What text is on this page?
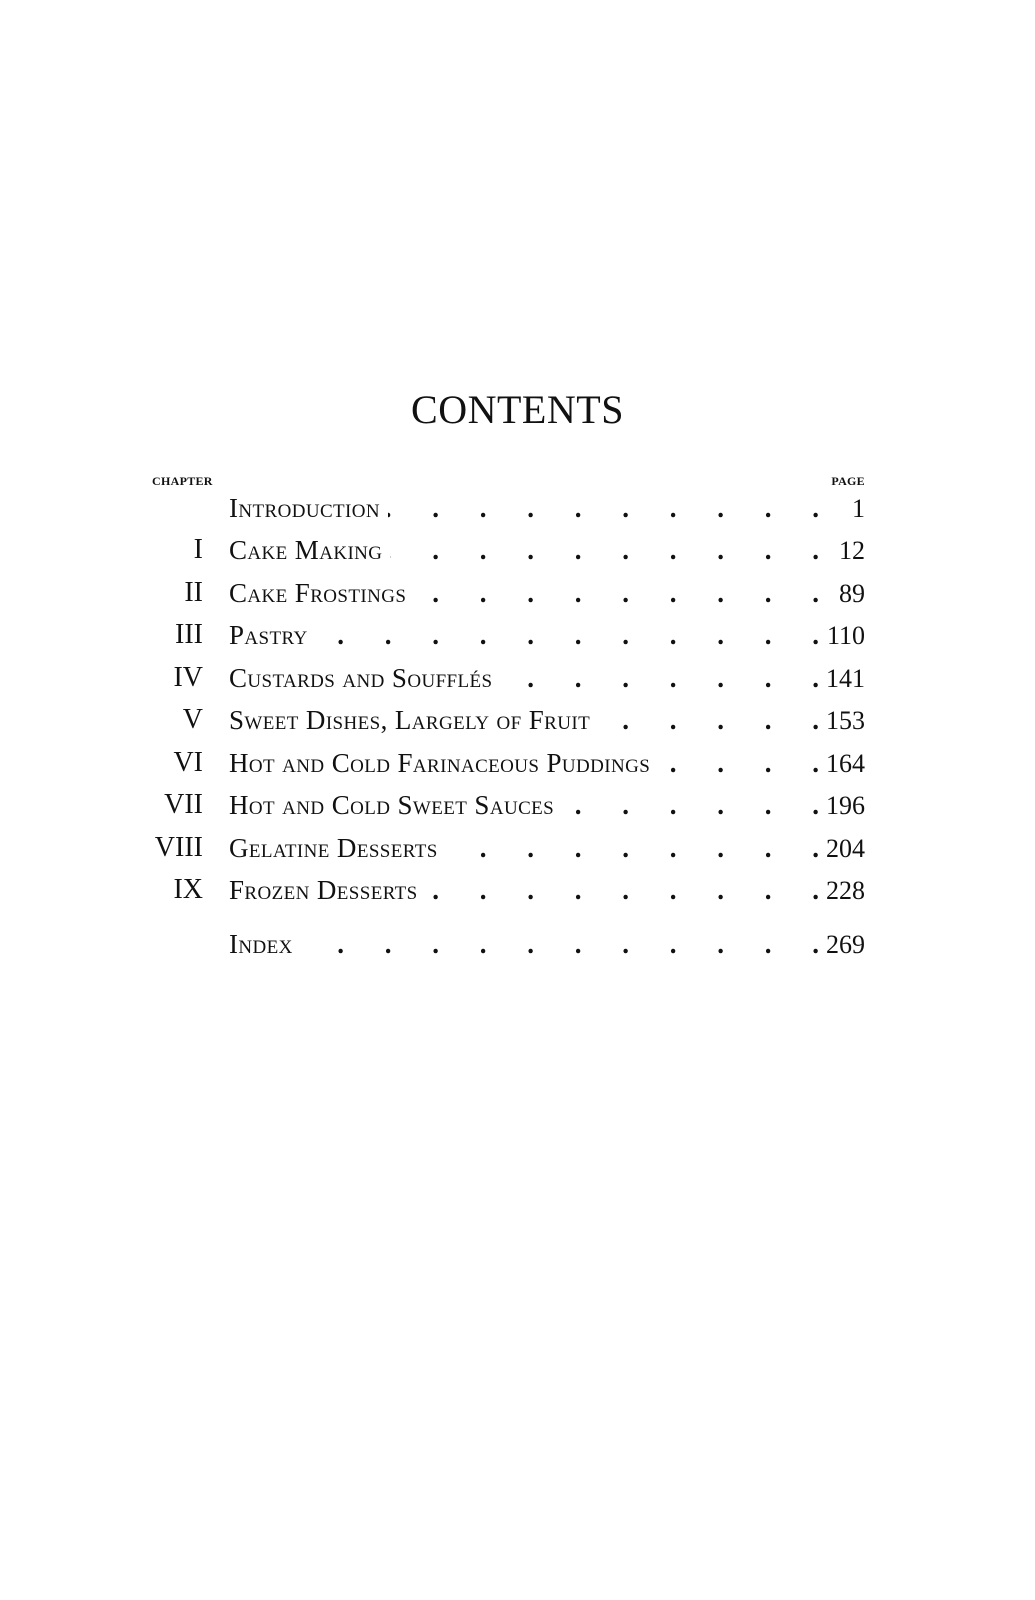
CONTENTS
CHAPTER	PAGE
Introduction . . .	1
I Cake Making . . .	12
II Cake Frostings . . .	89
III Pastry . . .	110
IV Custards and Soufflés . . .	141
V Sweet Dishes, Largely of Fruit . . .	153
VI Hot and Cold Farinaceous Puddings . . .	164
VII Hot and Cold Sweet Sauces . . .	196
VIII Gelatine Desserts . . .	204
IX Frozen Desserts . . .	228
Index . . .	269
